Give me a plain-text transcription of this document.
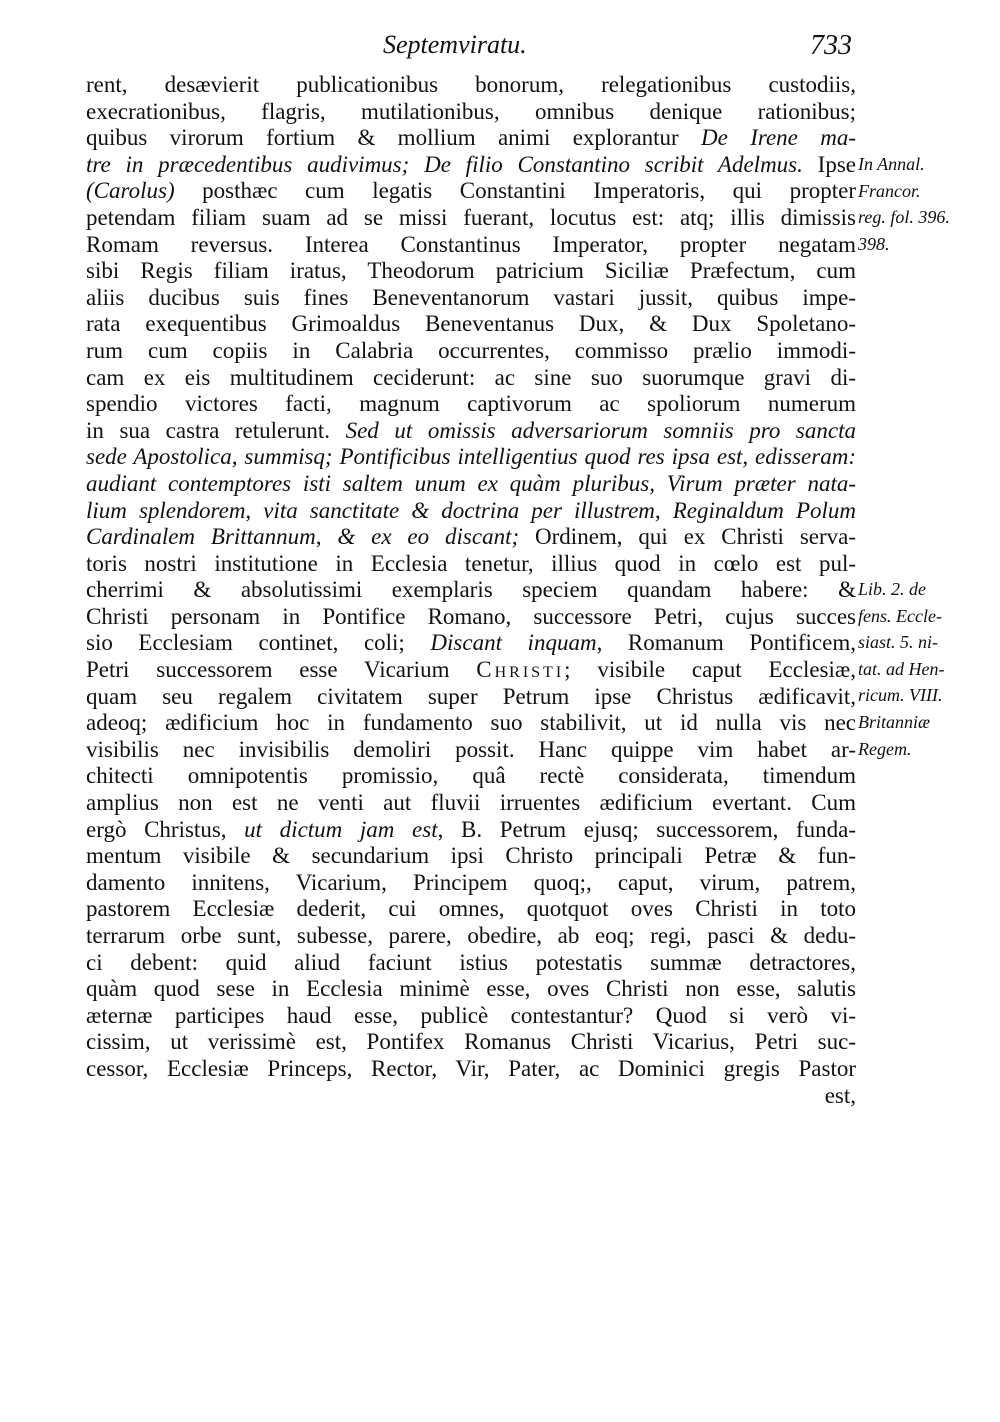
Septemviratu.	733
rent, desævierit publicationibus bonorum, relegationibus custodiis,
execrationibus, flagris, mutilationibus, omnibus denique rationibus;
quibus virorum fortium & mollium animi explorantur De Irene ma-
tre in præcedentibus audivimus; De filio Constantino scribit Adelmus. Ipse
(Carolus) posthæc cum legatis Constantini Imperatoris, qui propter
petendam filiam suam ad se missi fuerant, locutus est: atq; illis dimissis
Romam reversus. Interea Constantinus Imperator, propter negatam
sibi Regis filiam iratus, Theodorum patricium Siciliæ Præfectum, cum
aliis ducibus suis fines Beneventanorum vastari jussit, quibus impe-
rata exequentibus Grimoaldus Beneventanus Dux, & Dux Spoletano-
rum cum copiis in Calabria occurrentes, commisso prælio immodi-
cam ex eis multitudinem ceciderunt: ac sine suo suorumque gravi di-
spendio victores facti, magnum captivorum ac spoliorum numerum
in sua castra retulerunt. Sed ut omissis adversariorum somniis pro sancta
sede Apostolica, summisq; Pontificibus intelligentius quod res ipsa est, edisseram:
audiant contemptores isti saltem unum ex quàm pluribus, Virum præter nata-
lium splendorem, vita sanctitate & doctrina per illustrem, Reginaldum Polum
Cardinalem Brittannum, & ex eo discant; Ordinem, qui ex Christi serva-
toris nostri institutione in Ecclesia tenetur, illius quod in cœlo est pul-
cherrimi & absolutissimi exemplaris speciem quandam habere: &
Christi personam in Pontifice Romano, successore Petri, cujus succes
sio Ecclesiam continet, coli; Discant inquam, Romanum Pontificem,
Petri successorem esse Vicarium Christi; visibile caput Ecclesiæ,
quam seu regalem civitatem super Petrum ipse Christus ædificavit,
adeoq; ædificium hoc in fundamento suo stabilivit, ut id nulla vis nec
visibilis nec invisibilis demoliri possit. Hanc quippe vim habet ar-
chitecti omnipotentis promissio, quâ rectè considerata, timendum
amplius non est ne venti aut fluvii irruentes ædificium evertant. Cum
ergò Christus, ut dictum jam est, B. Petrum ejusq; successorem, funda-
mentum visibile & secundarium ipsi Christo principali Petræ & fun-
damento innitens, Vicarium, Principem quoq;, caput, virum, patrem,
pastorem Ecclesiæ dederit, cui omnes, quotquot oves Christi in toto
terrarum orbe sunt, subesse, parere, obedire, ab eoq; regi, pasci & dedu-
ci debent: quid aliud faciunt istius potestatis summæ detractores,
quàm quod sese in Ecclesia minimè esse, oves Christi non esse, salutis
æternæ participes haud esse, publicè contestantur? Quod si verò vi-
cissim, ut verissimè est, Pontifex Romanus Christi Vicarius, Petri suc-
cessor, Ecclesiæ Princeps, Rector, Vir, Pater, ac Dominici gregis Pastor
est,
In Annal.
Francor.
reg. fol. 396.
398.
Lib. 2. de
fens. Eccle-
siast. 5. ni-
tat. ad Hen-
ricum. VIII.
Britanniæ
Regem.
